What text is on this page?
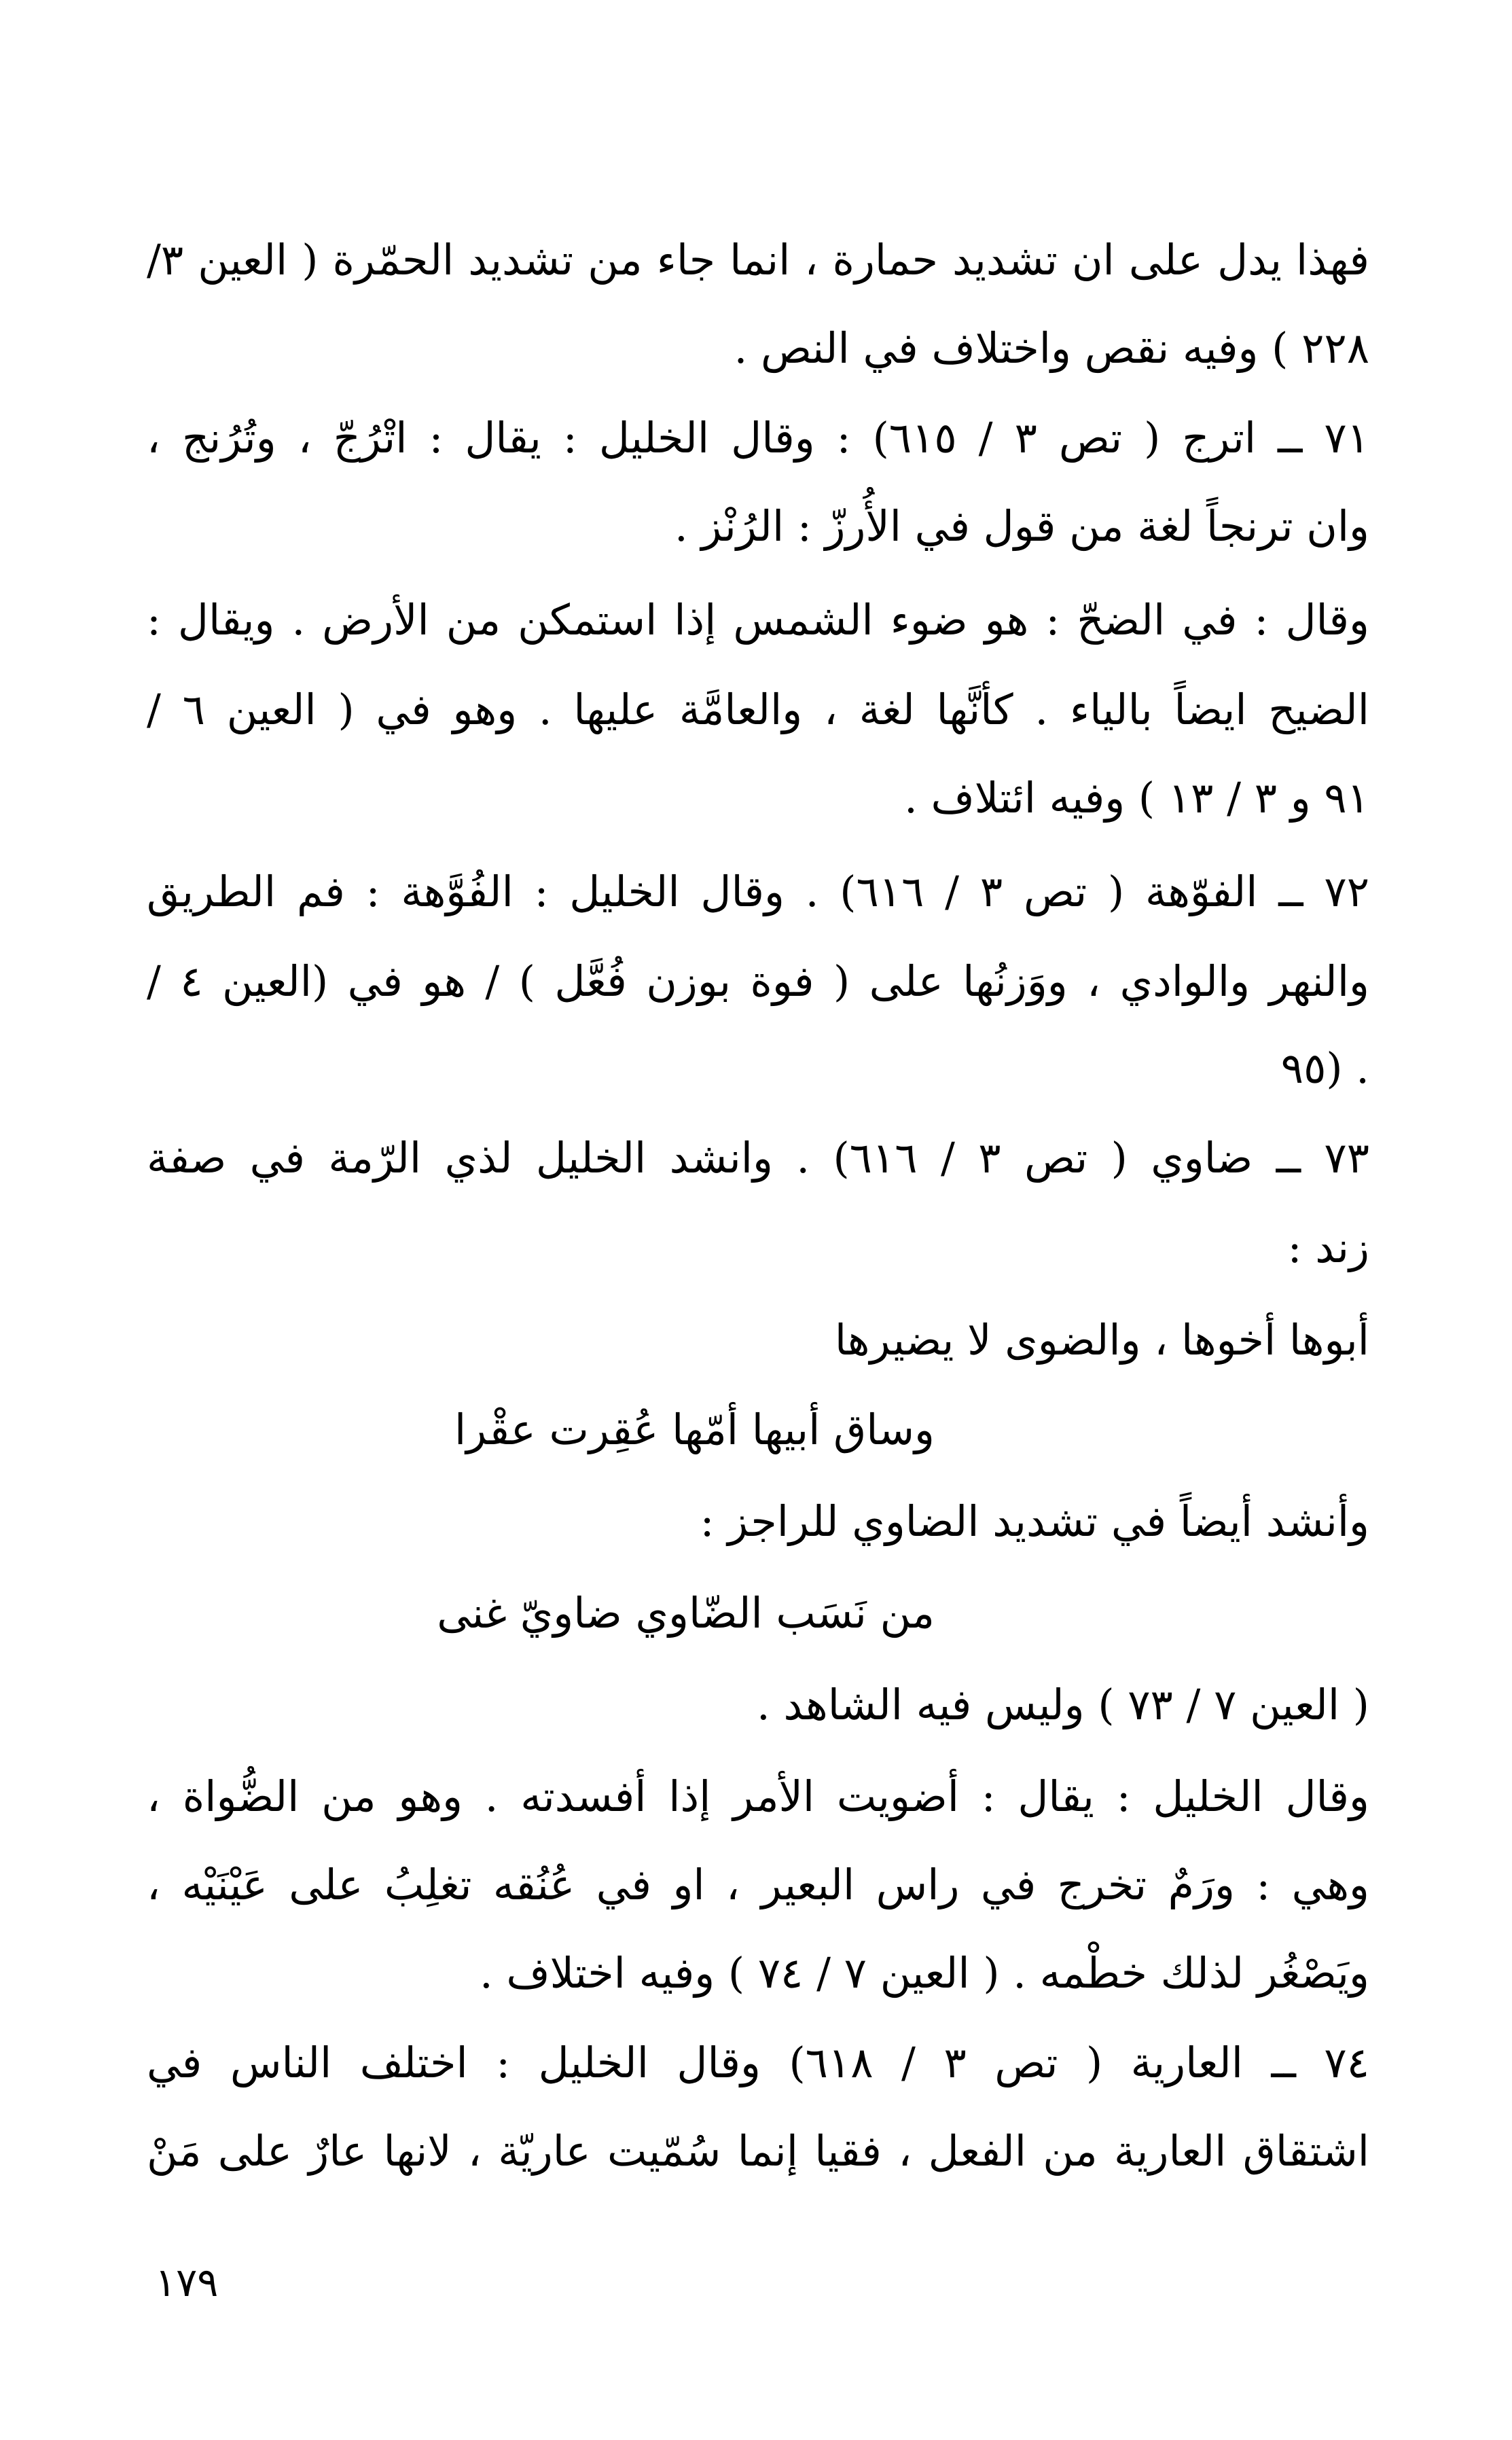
فهذا يدل على ان تشديد حمارة ، انما جاء من تشديد الحمّرة ( العين ٣/
٢٢٨ ) وفيه نقص واختلاف في النص .
٧١ ــ اترج ( تص ٣ / ٦١٥) : وقال الخليل : يقال : اتْرُجّ ، وتُرُنج ،
وان ترنجاً لغة من قول في الأُرزّ : الرُنْز .
وقال : في الضحّ : هو ضوء الشمس إذا استمكن من الأرض . ويقال :
الضيح ايضاً بالياء . كأنَّها لغة ، والعامَّة عليها . وهو في ( العين ٦ /
٩١ و ٣ / ١٣ ) وفيه ائتلاف .
٧٢ ــ الفوّهة ( تص ٣ / ٦١٦) . وقال الخليل : الفُوَّهة : فم الطريق
والنهر والوادي ، ووَزنُها على ( فوة بوزن فُعَّل ) / هو في (العين ٤ /
٩٥) .
٧٣ ــ ضاوي ( تص ٣ / ٦١٦) . وانشد الخليل لذي الرّمة في صفة
زند :
أبوها أخوها ، والضوى لا يضيرها
وساق أبيها أمّها عُقِرت عقْرا
وأنشد أيضاً في تشديد الضاوي للراجز :
من نَسَب الضّاوي ضاويّ غنى
( العين ٧ / ٧٣ ) وليس فيه الشاهد .
وقال الخليل : يقال : أضويت الأمر إذا أفسدته . وهو من الضُّواة ،
وهي : ورَمٌ تخرج في راس البعير ، او في عُنُقه تغلِبُ على عَيْنَيْه ،
ويَصْغُر لذلك خطْمه . ( العين ٧ / ٧٤ ) وفيه اختلاف .
٧٤ ــ العارية ( تص ٣ / ٦١٨) وقال الخليل : اختلف الناس في
اشتقاق العارية من الفعل ، فقيا إنما سُمّيت عاريّة ، لانها عارٌ على مَنْ
١٧٩
